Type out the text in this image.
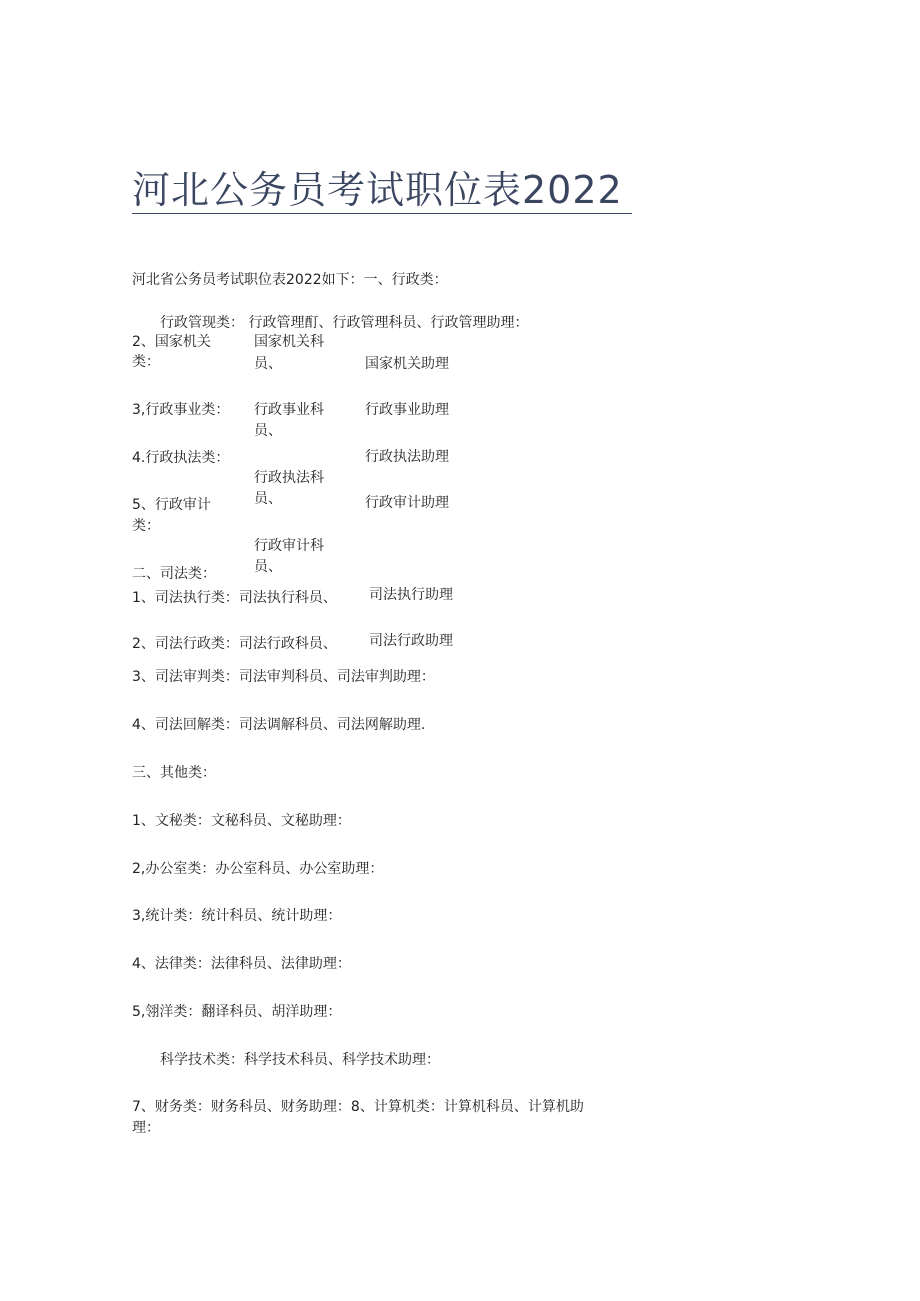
河北公务员考试职位表2022
河北省公务员考试职位表2022如下：一、行政类：
行政管现类： 行政管理酊、行政管理科员、行政管理助理：
2、国家机关
类：
国家机关科
员、	国家机关助理
3,行政事业类： 行政事业科
员、
行政事业助理
4.行政执法类：	行政执法助理
行政执法科
员、
5、行政审计
类：
行政审计助理
行政审计科
员、
二、司法类：
1、司法执行类：司法执行科员、 司法执行助理
2、司法行政类：司法行政科员、 司法行政助理
3、司法审判类：司法审判科员、司法审判助理：
4、司法回解类：司法调解科员、司法网解助理.
三、其他类：
1、文秘类：文秘科员、文秘助理：
2,办公室类：办公室科员、办公室助理：
3,统计类：统计科员、统计助理：
4、法律类：法律科员、法律助理：
5,翎洋类：翻译科员、胡洋助理：
科学技术类：科学技术科员、科学技术助理：
7、财务类：财务科员、财务助理：8、计算机类：计算机科员、计算机助
理：
